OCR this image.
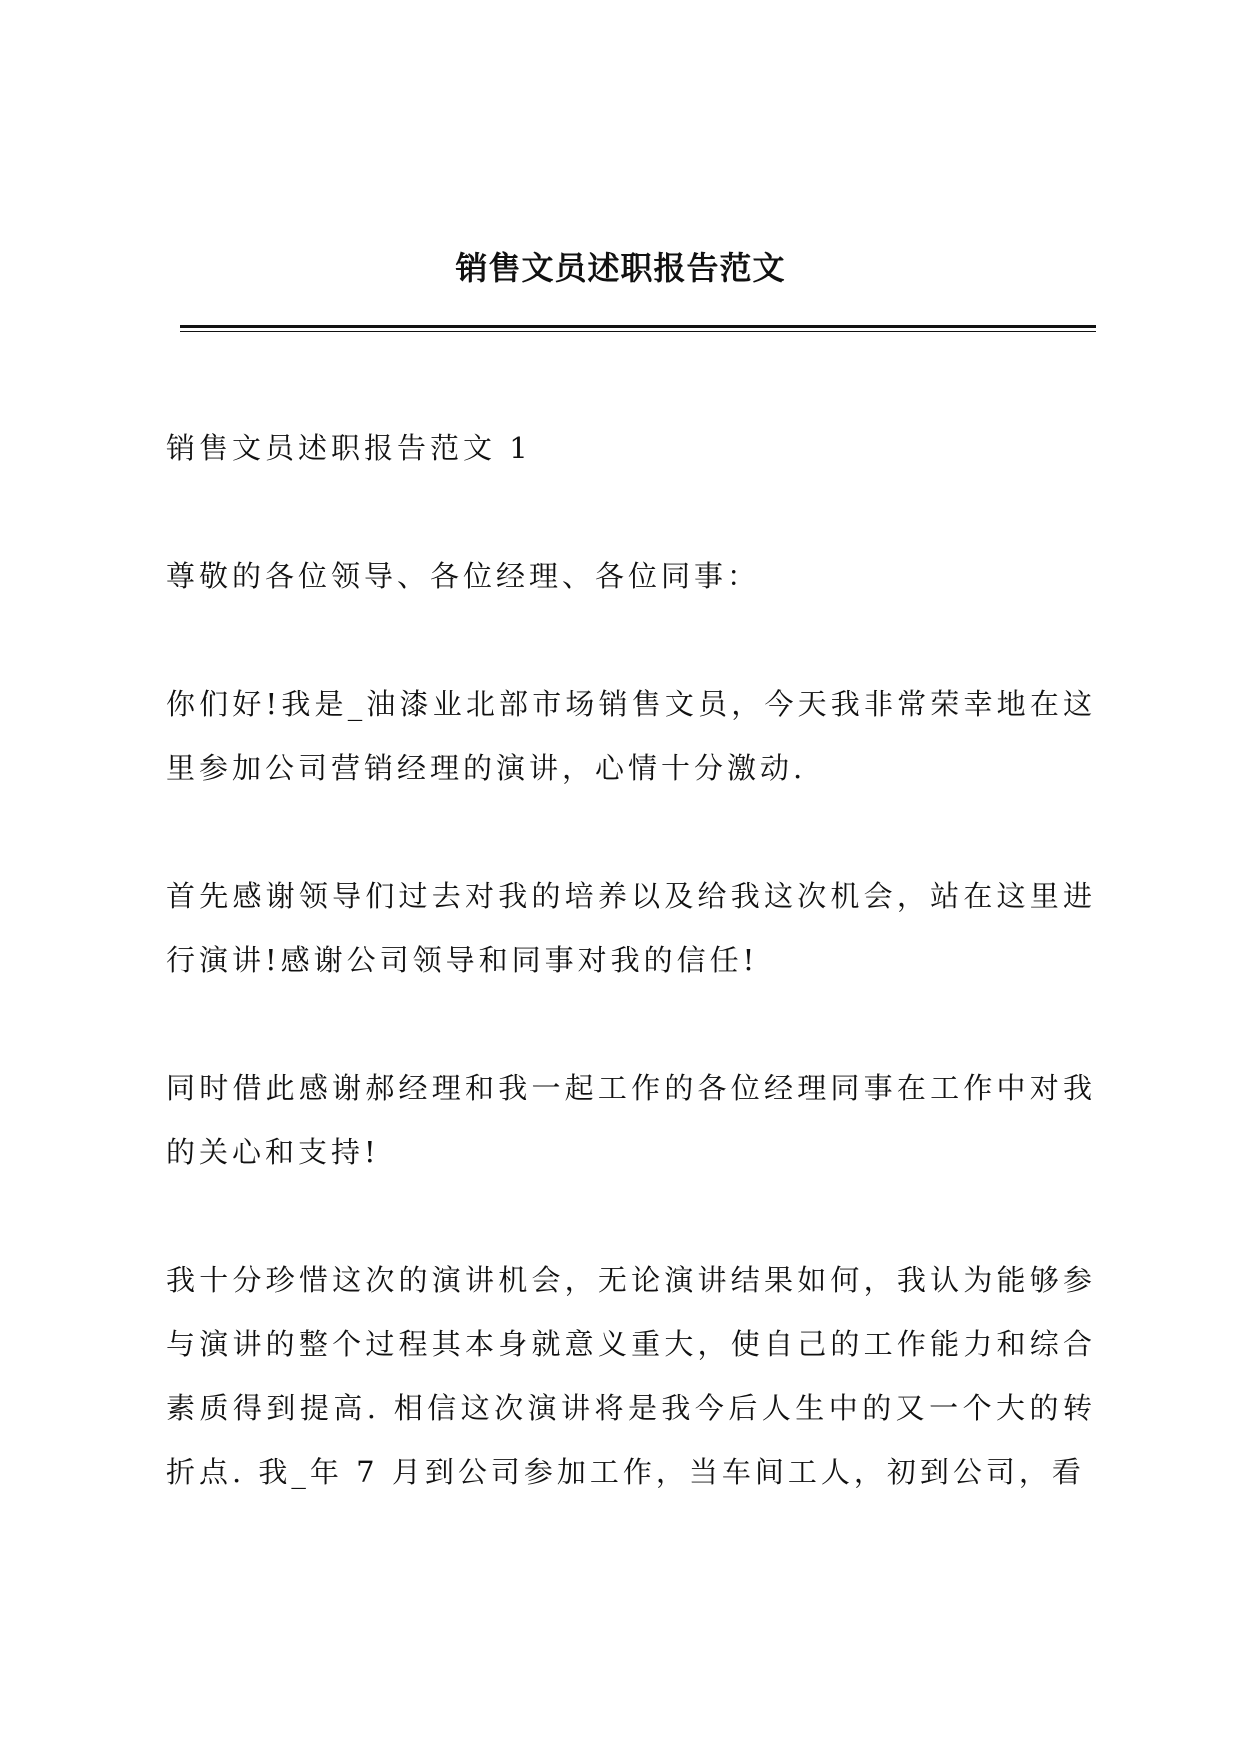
销售文员述职报告范文

销售文员述职报告范文 1

尊敬的各位领导、各位经理、各位同事：

你们好!我是_油漆业北部市场销售文员，今天我非常荣幸地在这里参加公司营销经理的演讲，心情十分激动.

首先感谢领导们过去对我的培养以及给我这次机会，站在这里进行演讲!感谢公司领导和同事对我的信任!

同时借此感谢郝经理和我一起工作的各位经理同事在工作中对我的关心和支持!

我十分珍惜这次的演讲机会，无论演讲结果如何，我认为能够参与演讲的整个过程其本身就意义重大，使自己的工作能力和综合素质得到提高. 相信这次演讲将是我今后人生中的又一个大的转折点. 我_年 7 月到公司参加工作，当车间工人，初到公司，看
